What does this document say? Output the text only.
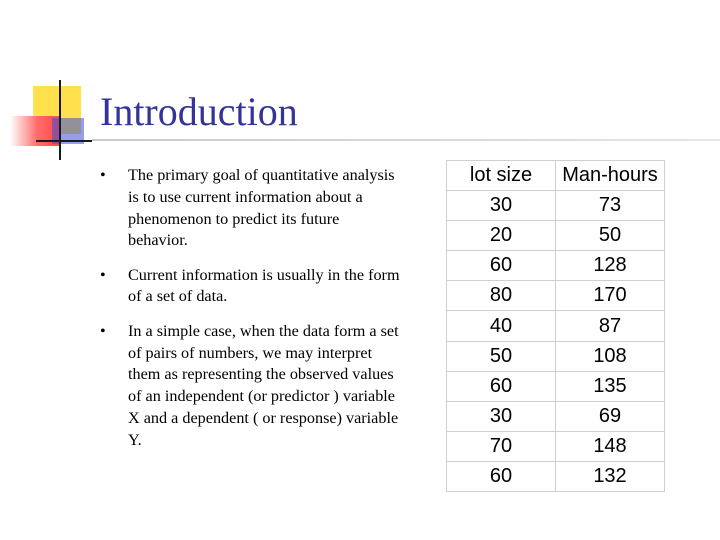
Introduction
• The primary goal of quantitative analysis is to use current information about a phenomenon to predict its future behavior.
• Current information is usually in the form of a set of data.
• In a simple case, when the data form a set of pairs of numbers, we may interpret them as representing the observed values of an independent (or predictor ) variable X and a dependent ( or response) variable Y.
lot size	Man-hours
30	73
20	50
60	128
80	170
40	87
50	108
60	135
30	69
70	148
60	132
